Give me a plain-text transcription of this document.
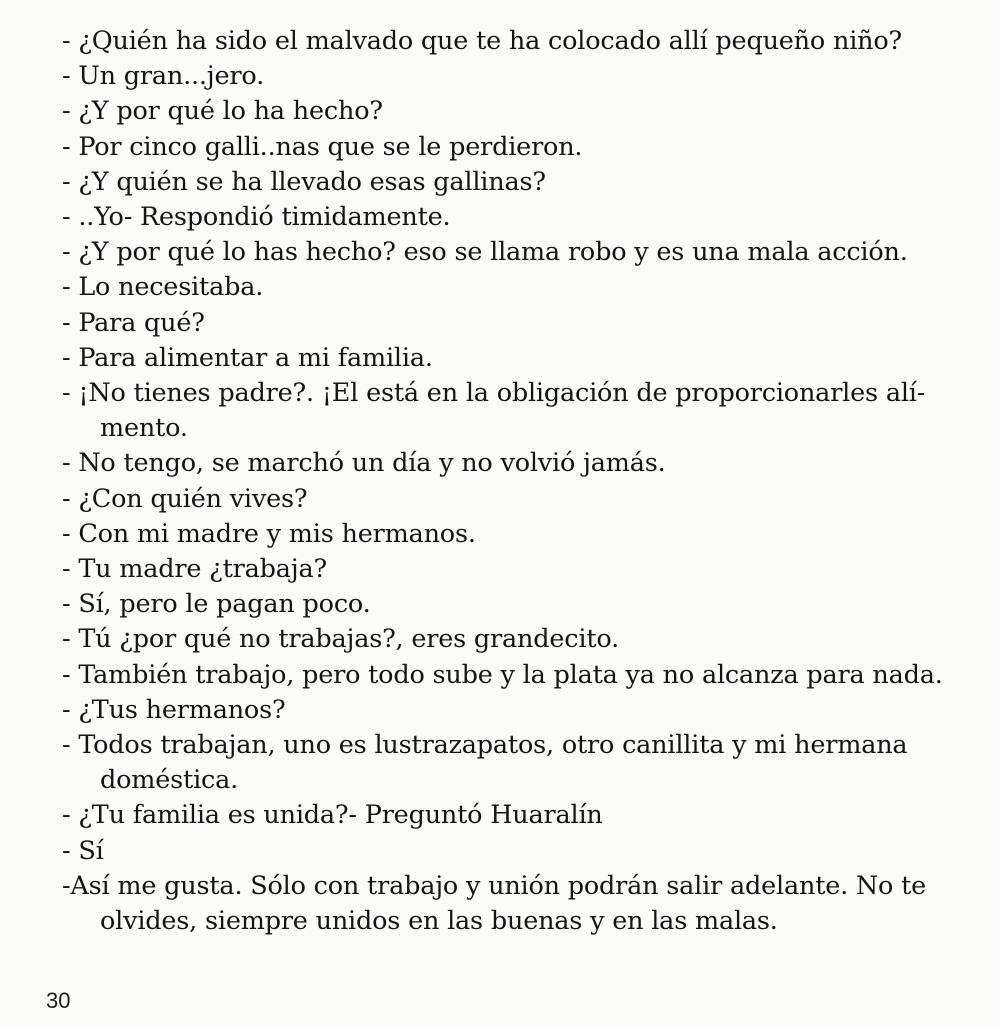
- ¿Quién ha sido el malvado que te ha colocado allí pequeño niño?
- Un gran...jero.
- ¿Y por qué lo ha hecho?
- Por cinco galli..nas que se le perdieron.
- ¿Y quién se ha llevado esas gallinas?
- ..Yo- Respondió timidamente.
- ¿Y por qué lo has hecho? eso se llama robo y es una mala acción.
- Lo necesitaba.
- Para qué?
- Para alimentar a mi familia.
- ¡No tienes padre?. ¡El está en la obligación de proporcionarles alí-
mento.
- No tengo, se marchó un día y no volvió jamás.
- ¿Con quién vives?
- Con mi madre y mis hermanos.
- Tu madre ¿trabaja?
- Sí, pero le pagan poco.
- Tú ¿por qué no trabajas?, eres grandecito.
- También trabajo, pero todo sube y la plata ya no alcanza para nada.
- ¿Tus hermanos?
- Todos trabajan, uno es lustrazapatos, otro canillita y mi hermana
doméstica.
- ¿Tu familia es unida?- Preguntó Huaralín
- Sí
-Así me gusta. Sólo con trabajo y unión podrán salir adelante. No te
olvides, siempre unidos en las buenas y en las malas.
30
